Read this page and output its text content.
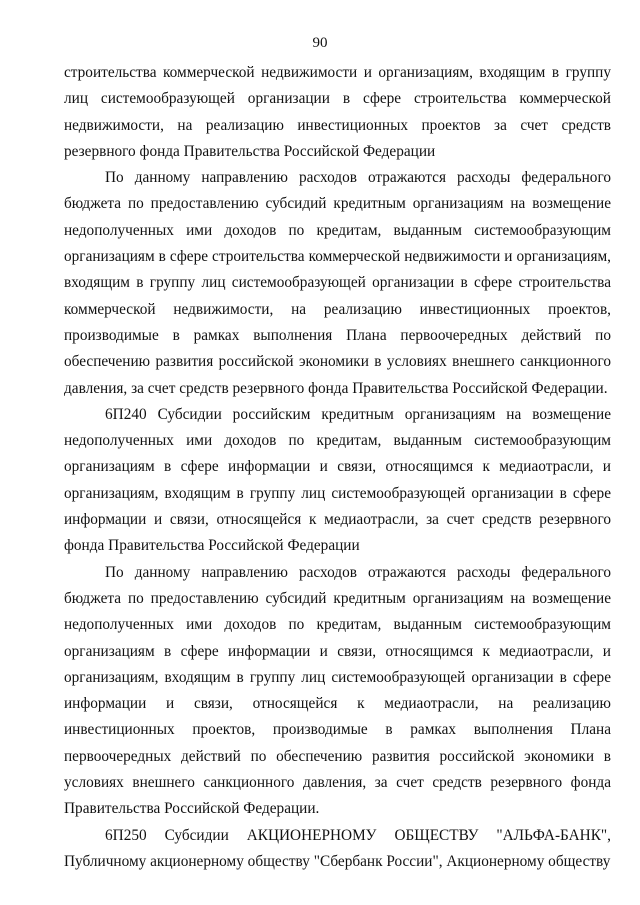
90

строительства коммерческой недвижимости и организациям, входящим в группу лиц системообразующей организации в сфере строительства коммерческой недвижимости, на реализацию инвестиционных проектов за счет средств резервного фонда Правительства Российской Федерации

По данному направлению расходов отражаются расходы федерального бюджета по предоставлению субсидий кредитным организациям на возмещение недополученных ими доходов по кредитам, выданным системообразующим организациям в сфере строительства коммерческой недвижимости и организациям, входящим в группу лиц системообразующей организации в сфере строительства коммерческой недвижимости, на реализацию инвестиционных проектов, производимые в рамках выполнения Плана первоочередных действий по обеспечению развития российской экономики в условиях внешнего санкционного давления, за счет средств резервного фонда Правительства Российской Федерации.

6П240 Субсидии российским кредитным организациям на возмещение недополученных ими доходов по кредитам, выданным системообразующим организациям в сфере информации и связи, относящимся к медиаотрасли, и организациям, входящим в группу лиц системообразующей организации в сфере информации и связи, относящейся к медиаотрасли, за счет средств резервного фонда Правительства Российской Федерации

По данному направлению расходов отражаются расходы федерального бюджета по предоставлению субсидий кредитным организациям на возмещение недополученных ими доходов по кредитам, выданным системообразующим организациям в сфере информации и связи, относящимся к медиаотрасли, и организациям, входящим в группу лиц системообразующей организации в сфере информации и связи, относящейся к медиаотрасли, на реализацию инвестиционных проектов, производимые в рамках выполнения Плана первоочередных действий по обеспечению развития российской экономики в условиях внешнего санкционного давления, за счет средств резервного фонда Правительства Российской Федерации.

6П250 Субсидии АКЦИОНЕРНОМУ ОБЩЕСТВУ "АЛЬФА-БАНК", Публичному акционерному обществу "Сбербанк России", Акционерному обществу
